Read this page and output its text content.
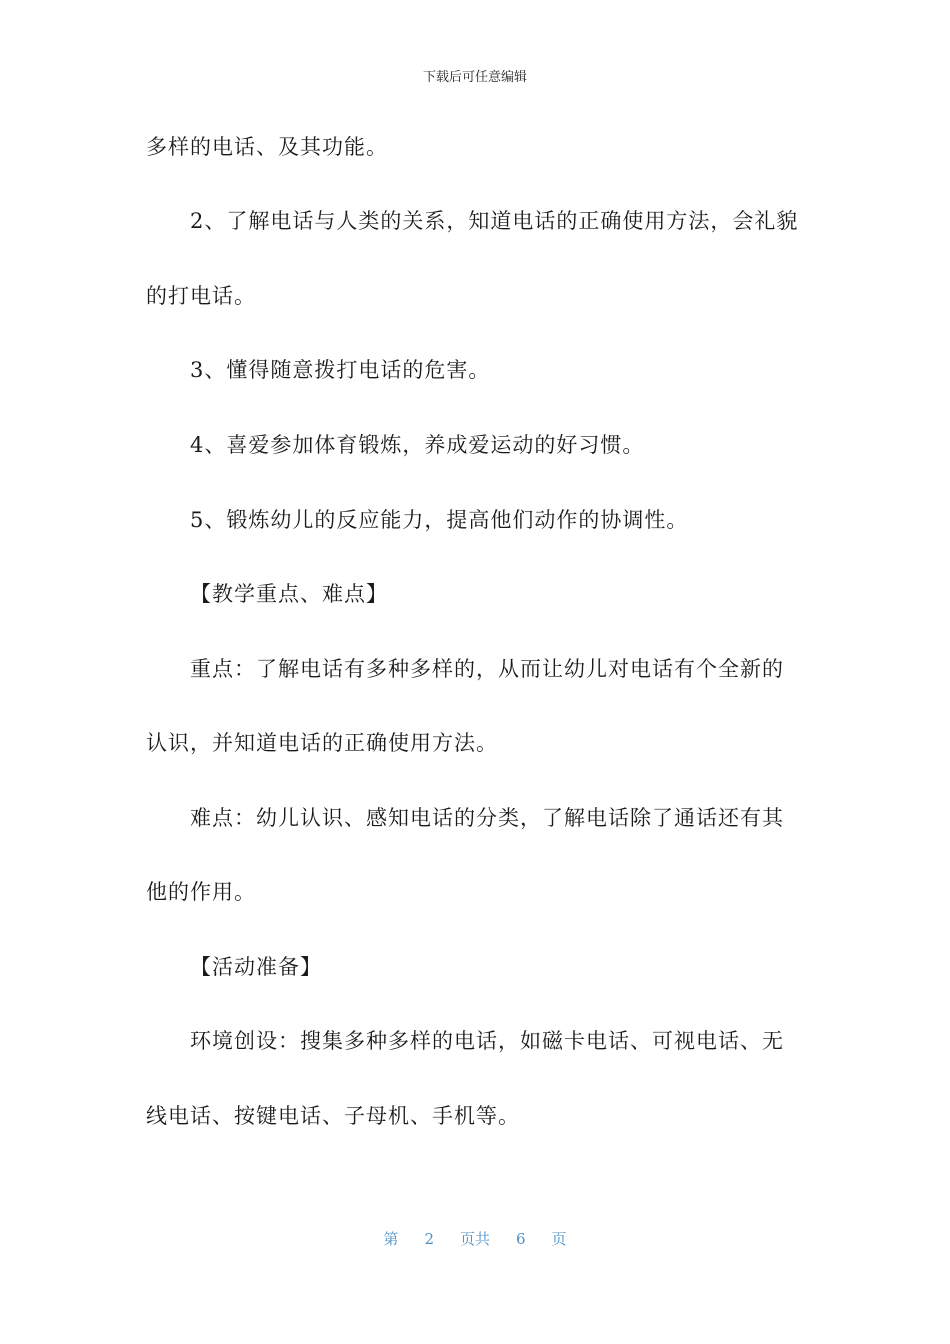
下载后可任意编辑
多样的电话、及其功能。
2、了解电话与人类的关系，知道电话的正确使用方法，会礼貌
的打电话。
3、懂得随意拨打电话的危害。
4、喜爱参加体育锻炼，养成爱运动的好习惯。
5、锻炼幼儿的反应能力，提高他们动作的协调性。
【教学重点、难点】
重点：了解电话有多种多样的，从而让幼儿对电话有个全新的
认识，并知道电话的正确使用方法。
难点：幼儿认识、感知电话的分类，了解电话除了通话还有其
他的作用。
【活动准备】
环境创设：搜集多种多样的电话，如磁卡电话、可视电话、无
线电话、按键电话、子母机、手机等。
第 2 页共 6 页
